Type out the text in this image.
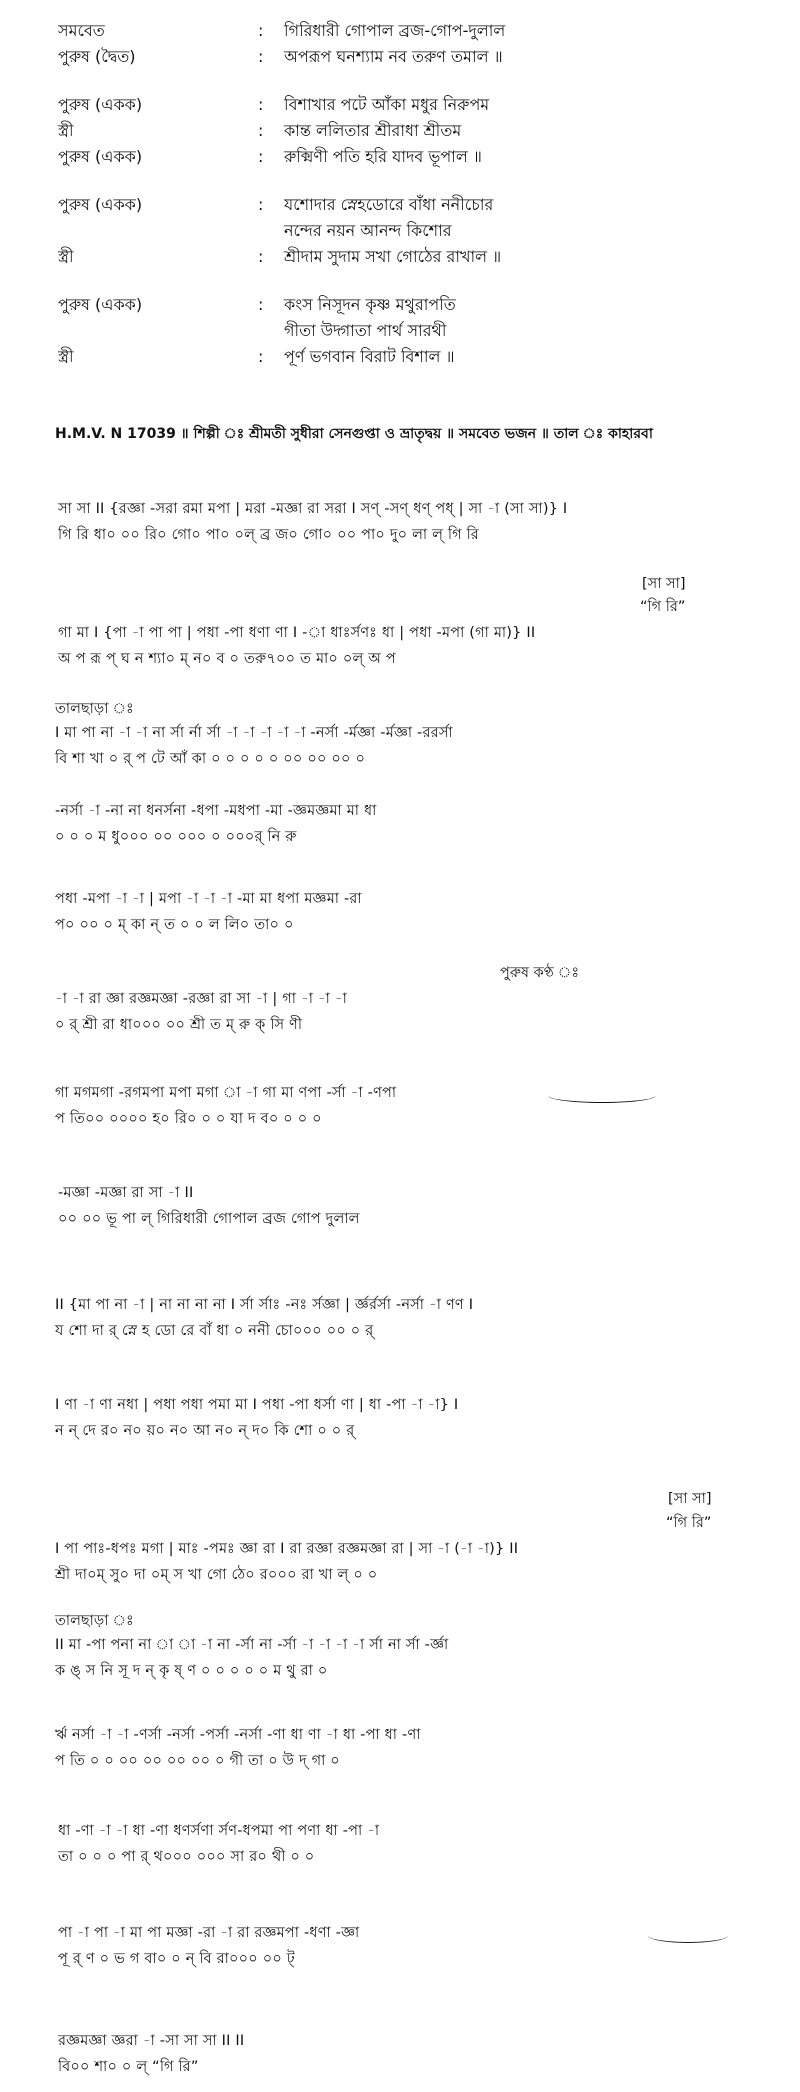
সমবেত	:	গিরিধারী গোপাল ব্রজ-গোপ-দুলাল
পুরুষ (দ্বৈত)	:	অপরূপ ঘনশ্যাম নব তরুণ তমাল ॥
পুরুষ (একক)	:	বিশাখার পটে আঁকা মধুর নিরুপম
স্ত্রী	:	কান্ত ললিতার শ্রীরাধা শ্রীতম
পুরুষ (একক)	:	রুক্মিণী পতি হরি যাদব ভূপাল ॥
পুরুষ (একক)	:	যশোদার স্নেহডোরে বাঁধা ননীচোর
নন্দের নয়ন আনন্দ কিশোর
স্ত্রী	:	শ্রীদাম সুদাম সখা গোঠের রাখাল ॥
পুরুষ (একক)	:	কংস নিসূদন কৃষ্ণ মথুরাপতি
গীতা উদ্গাতা পার্থ সারথী
স্ত্রী	:	পূর্ণ ভগবান বিরাট বিশাল ॥
H.M.V. N 17039 ॥ শিল্পী ঃ শ্রীমতী সুধীরা সেনগুপ্তা ও ভ্রাতৃদ্বয় ॥ সমবেত ভজন ॥ তাল ঃ কাহারবা
সা সা II {রজ্ঞা -সরা রমা মপা | মরা -মজ্ঞা রা সরা I সণ্ -সণ্ ধণ্ পধ্ | সা -া (সা সা)} I
গি রি ধা০ ০০ রি০ গো০ পা০ ০ল্ ব্র জ০ গো০ ০০ পা০ দু০ লা ল্ গি রি
[সা সা]
“গি রি”
গা মা I {পা -া পা পা | পধা -পা ধণা ণা I -া ধাঃর্সণঃ ধা | পধা -মপা (গা মা)} II
অ প রূ প্ ঘ ন শ্যা০ ম্ ন০ ব ০ তরু৭০০ ত মা০ ০ল্ অ প
তালছাড়া ঃ
I মা পা না -া -া না র্সা র্না র্সা -া -া -া -া -া -নর্সা -র্মজ্ঞা -র্মজ্ঞা -ররর্সা
বি শা খা ০ র্ প টে আঁ কা ০ ০ ০ ০ ০ ০০ ০০ ০০ ০
-নর্সা -া -না না ধনর্সনা -ধপা -মধপা -মা -জ্ঞমজ্ঞমা মা ধা
০ ০ ০ ম ধু০০০ ০০ ০০০ ০ ০০০র্ নি রু
পধা -মপা -া -া | মপা -া -া -া -মা মা ধপা মজ্ঞমা -রা
প০ ০০ ০ ম্ কা ন্ ত ০ ০ ল লি০ তা০ ০
পুরুষ কণ্ঠ ঃ
-া -া রা জ্ঞা রজ্ঞমজ্ঞা -রজ্ঞা রা সা -া | গা -া -া -া
০ র্ শ্রী রা ধা০০০ ০০ শ্রী ত ম্ রু ক্ সি ণী
গা মগমগা -রগমপা মপা মগা া -া গা মা ণপা -র্সা -া -ণপা
প তি০০ ০০০০ হ০ রি০ ০ ০ যা দ ব০ ০ ০ ০
-মজ্ঞা -মজ্ঞা রা সা -া II
০০ ০০ ভূ পা ল্ গিরিধারী গোপাল ব্রজ গোপ দুলাল
II {মা পা না -া | না না না না I র্সা র্সাঃ -নঃ র্সজ্ঞা | র্জ্ঞর্রর্সা -নর্সা -া ণণ I
য শো দা র্ স্নে হ ডো রে বাঁ ধা ০ ননী চো০০০ ০০ ০ র্
I ণা -া ণা নধা | পধা পধা পমা মা I পধা -পা ধর্সা ণা | ধা -পা -া -া} I
ন ন্ দে র০ ন০ য়০ ন০ আ ন০ ন্ দ০ কি শো ০ ০ র্
[সা সা]
“গি রি”
I পা পাঃ-ধপঃ মগা | মাঃ -পমঃ জ্ঞা রা I রা রজ্ঞা রজ্ঞমজ্ঞা রা | সা -া (-া -া)} II
শ্রী দা০ম্ সু০ দা ০ম্ স খা গো ঠে০ র০০০ রা খা ল্ ০ ০
তালছাড়া ঃ
II মা -পা পনা না া া -া না -র্সা না -র্সা -া -া -া -া র্সা না র্সা -র্জ্ঞা
ক ঙ্ স নি সূ দ ন্ কৃ ষ্ ণ ০ ০ ০ ০ ০ ম থু রা ০
র্ঋ নর্সা -া -া -ণর্সা -নর্সা -পর্সা -নর্সা -ণা ধা ণা -া ধা -পা ধা -ণা
প তি ০ ০ ০০ ০০ ০০ ০০ ০ গী তা ০ উ দ্ গা ০
ধা -ণা -া -া ধা -ণা ধণর্সণা র্সণ-ধপমা পা পণা ধা -পা -া
তা ০ ০ ০ পা র্ থ০০০ ০০০ সা র০ থী ০ ০
পা -া পা -া মা পা মজ্ঞা -রা -া রা রজ্ঞমপা -ধণা -জ্ঞা
পূ র্ ণ ০ ভ গ বা০ ০ ন্ বি রা০০০ ০০ ট্
রজ্ঞমজ্ঞা জ্ঞরা -া -সা সা সা II II
বি০০ শা০ ০ ল্ “গি রি”
